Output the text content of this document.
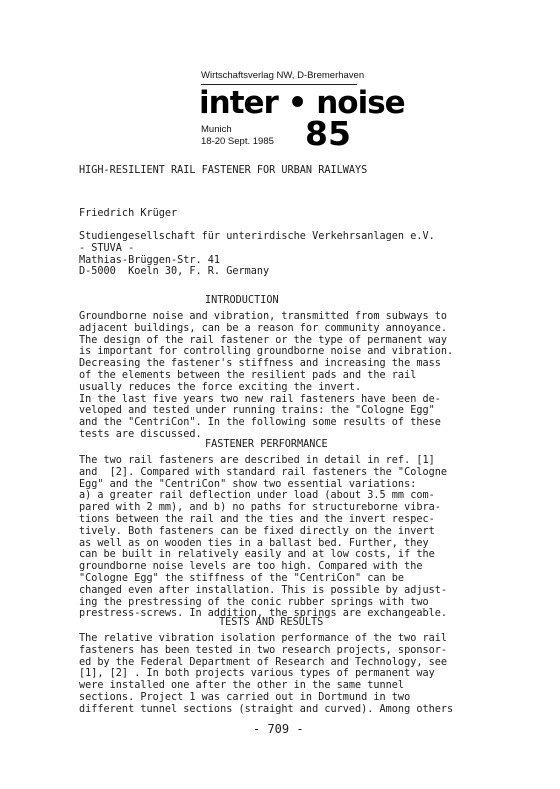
Wirtschaftsverlag NW, D-Bremerhaven
inter • noise
Munich
18-20 Sept. 1985 85
HIGH-RESILIENT RAIL FASTENER FOR URBAN RAILWAYS
Friedrich Krüger
Studiengesellschaft für unterirdische Verkehrsanlagen e.V.
- STUVA -
Mathias-Brüggen-Str. 41
D-5000  Koeln 30, F. R. Germany
INTRODUCTION
Groundborne noise and vibration, transmitted from subways to
adjacent buildings, can be a reason for community annoyance.
The design of the rail fastener or the type of permanent way
is important for controlling groundborne noise and vibration.
Decreasing the fastener's stiffness and increasing the mass
of the elements between the resilient pads and the rail
usually reduces the force exciting the invert.
In the last five years two new rail fasteners have been de-
veloped and tested under running trains: the "Cologne Egg"
and the "CentriCon". In the following some results of these
tests are discussed.
FASTENER PERFORMANCE
The two rail fasteners are described in detail in ref. [1]
and  [2]. Compared with standard rail fasteners the "Cologne
Egg" and the "CentriCon" show two essential variations:
a) a greater rail deflection under load (about 3.5 mm com-
pared with 2 mm), and b) no paths for structureborne vibra-
tions between the rail and the ties and the invert respec-
tively. Both fasteners can be fixed directly on the invert
as well as on wooden ties in a ballast bed. Further, they
can be built in relatively easily and at low costs, if the
groundborne noise levels are too high. Compared with the
"Cologne Egg" the stiffness of the "CentriCon" can be
changed even after installation. This is possible by adjust-
ing the prestressing of the conic rubber springs with two
prestress-screws. In addition, the springs are exchangeable.
TESTS AND RESULTS
The relative vibration isolation performance of the two rail
fasteners has been tested in two research projects, sponsor-
ed by the Federal Department of Research and Technology, see
[1], [2] . In both projects various types of permanent way
were installed one after the other in the same tunnel
sections. Project 1 was carried out in Dortmund in two
different tunnel sections (straight and curved). Among others
- 709 -
